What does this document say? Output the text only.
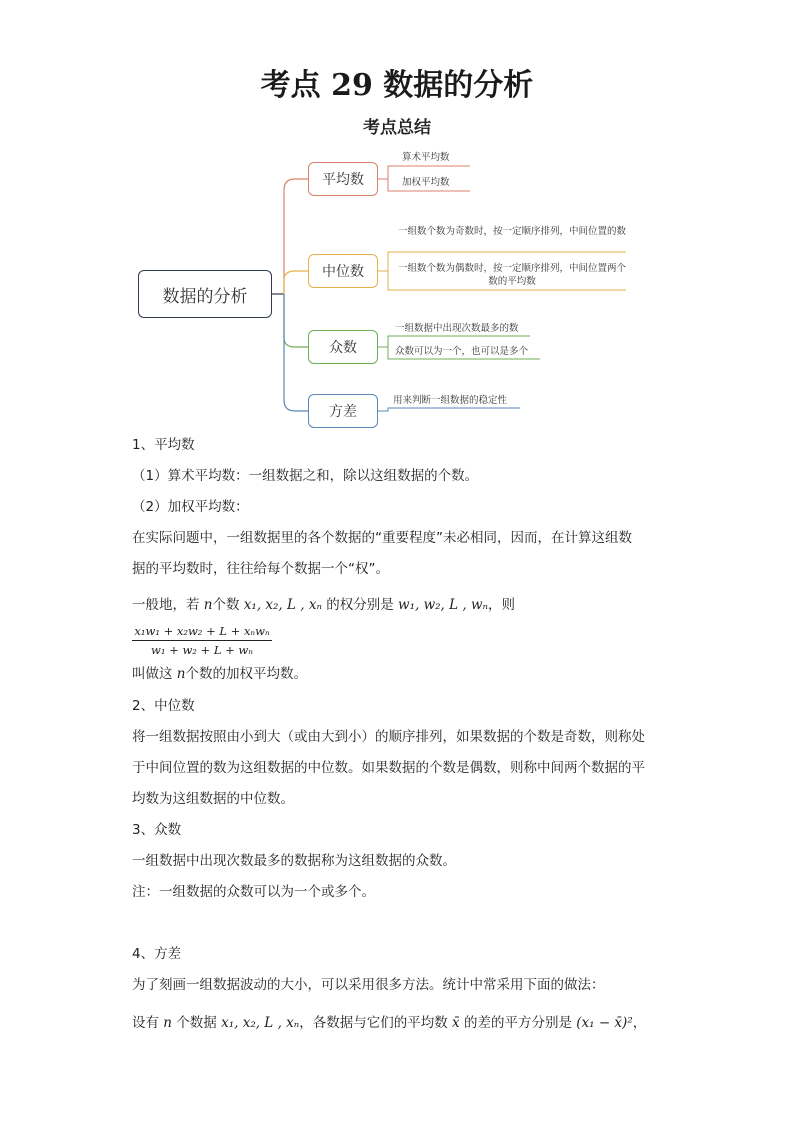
考点 29 数据的分析
考点总结
数据的分析
平均数
中位数
众数
方差
算术平均数
加权平均数
一组数个数为奇数时，按一定顺序排列，中间位置的数
一组数个数为偶数时，按一定顺序排列，中间位置两个数的平均数
一组数据中出现次数最多的数
众数可以为一个，也可以是多个
用来判断一组数据的稳定性
1、平均数
（1）算术平均数：一组数据之和，除以这组数据的个数。
（2）加权平均数：
在实际问题中，一组数据里的各个数据的“重要程度”未必相同，因而，在计算这组数
据的平均数时，往往给每个数据一个“权”。
一般地，若 n个数 x₁, x₂, L , xₙ 的权分别是 w₁, w₂, L , wₙ，则
x₁w₁ + x₂w₂ + L + xₙwₙ
w₁ + w₂ + L + wₙ
叫做这 n个数的加权平均数。
2、中位数
将一组数据按照由小到大（或由大到小）的顺序排列，如果数据的个数是奇数，则称处
于中间位置的数为这组数据的中位数。如果数据的个数是偶数，则称中间两个数据的平
均数为这组数据的中位数。
3、众数
一组数据中出现次数最多的数据称为这组数据的众数。
注：一组数据的众数可以为一个或多个。
4、方差
为了刻画一组数据波动的大小，可以采用很多方法。统计中常采用下面的做法：
设有 n 个数据 x₁, x₂, L , xₙ，各数据与它们的平均数 x̄ 的差的平方分别是 (x₁ − x̄)²，
